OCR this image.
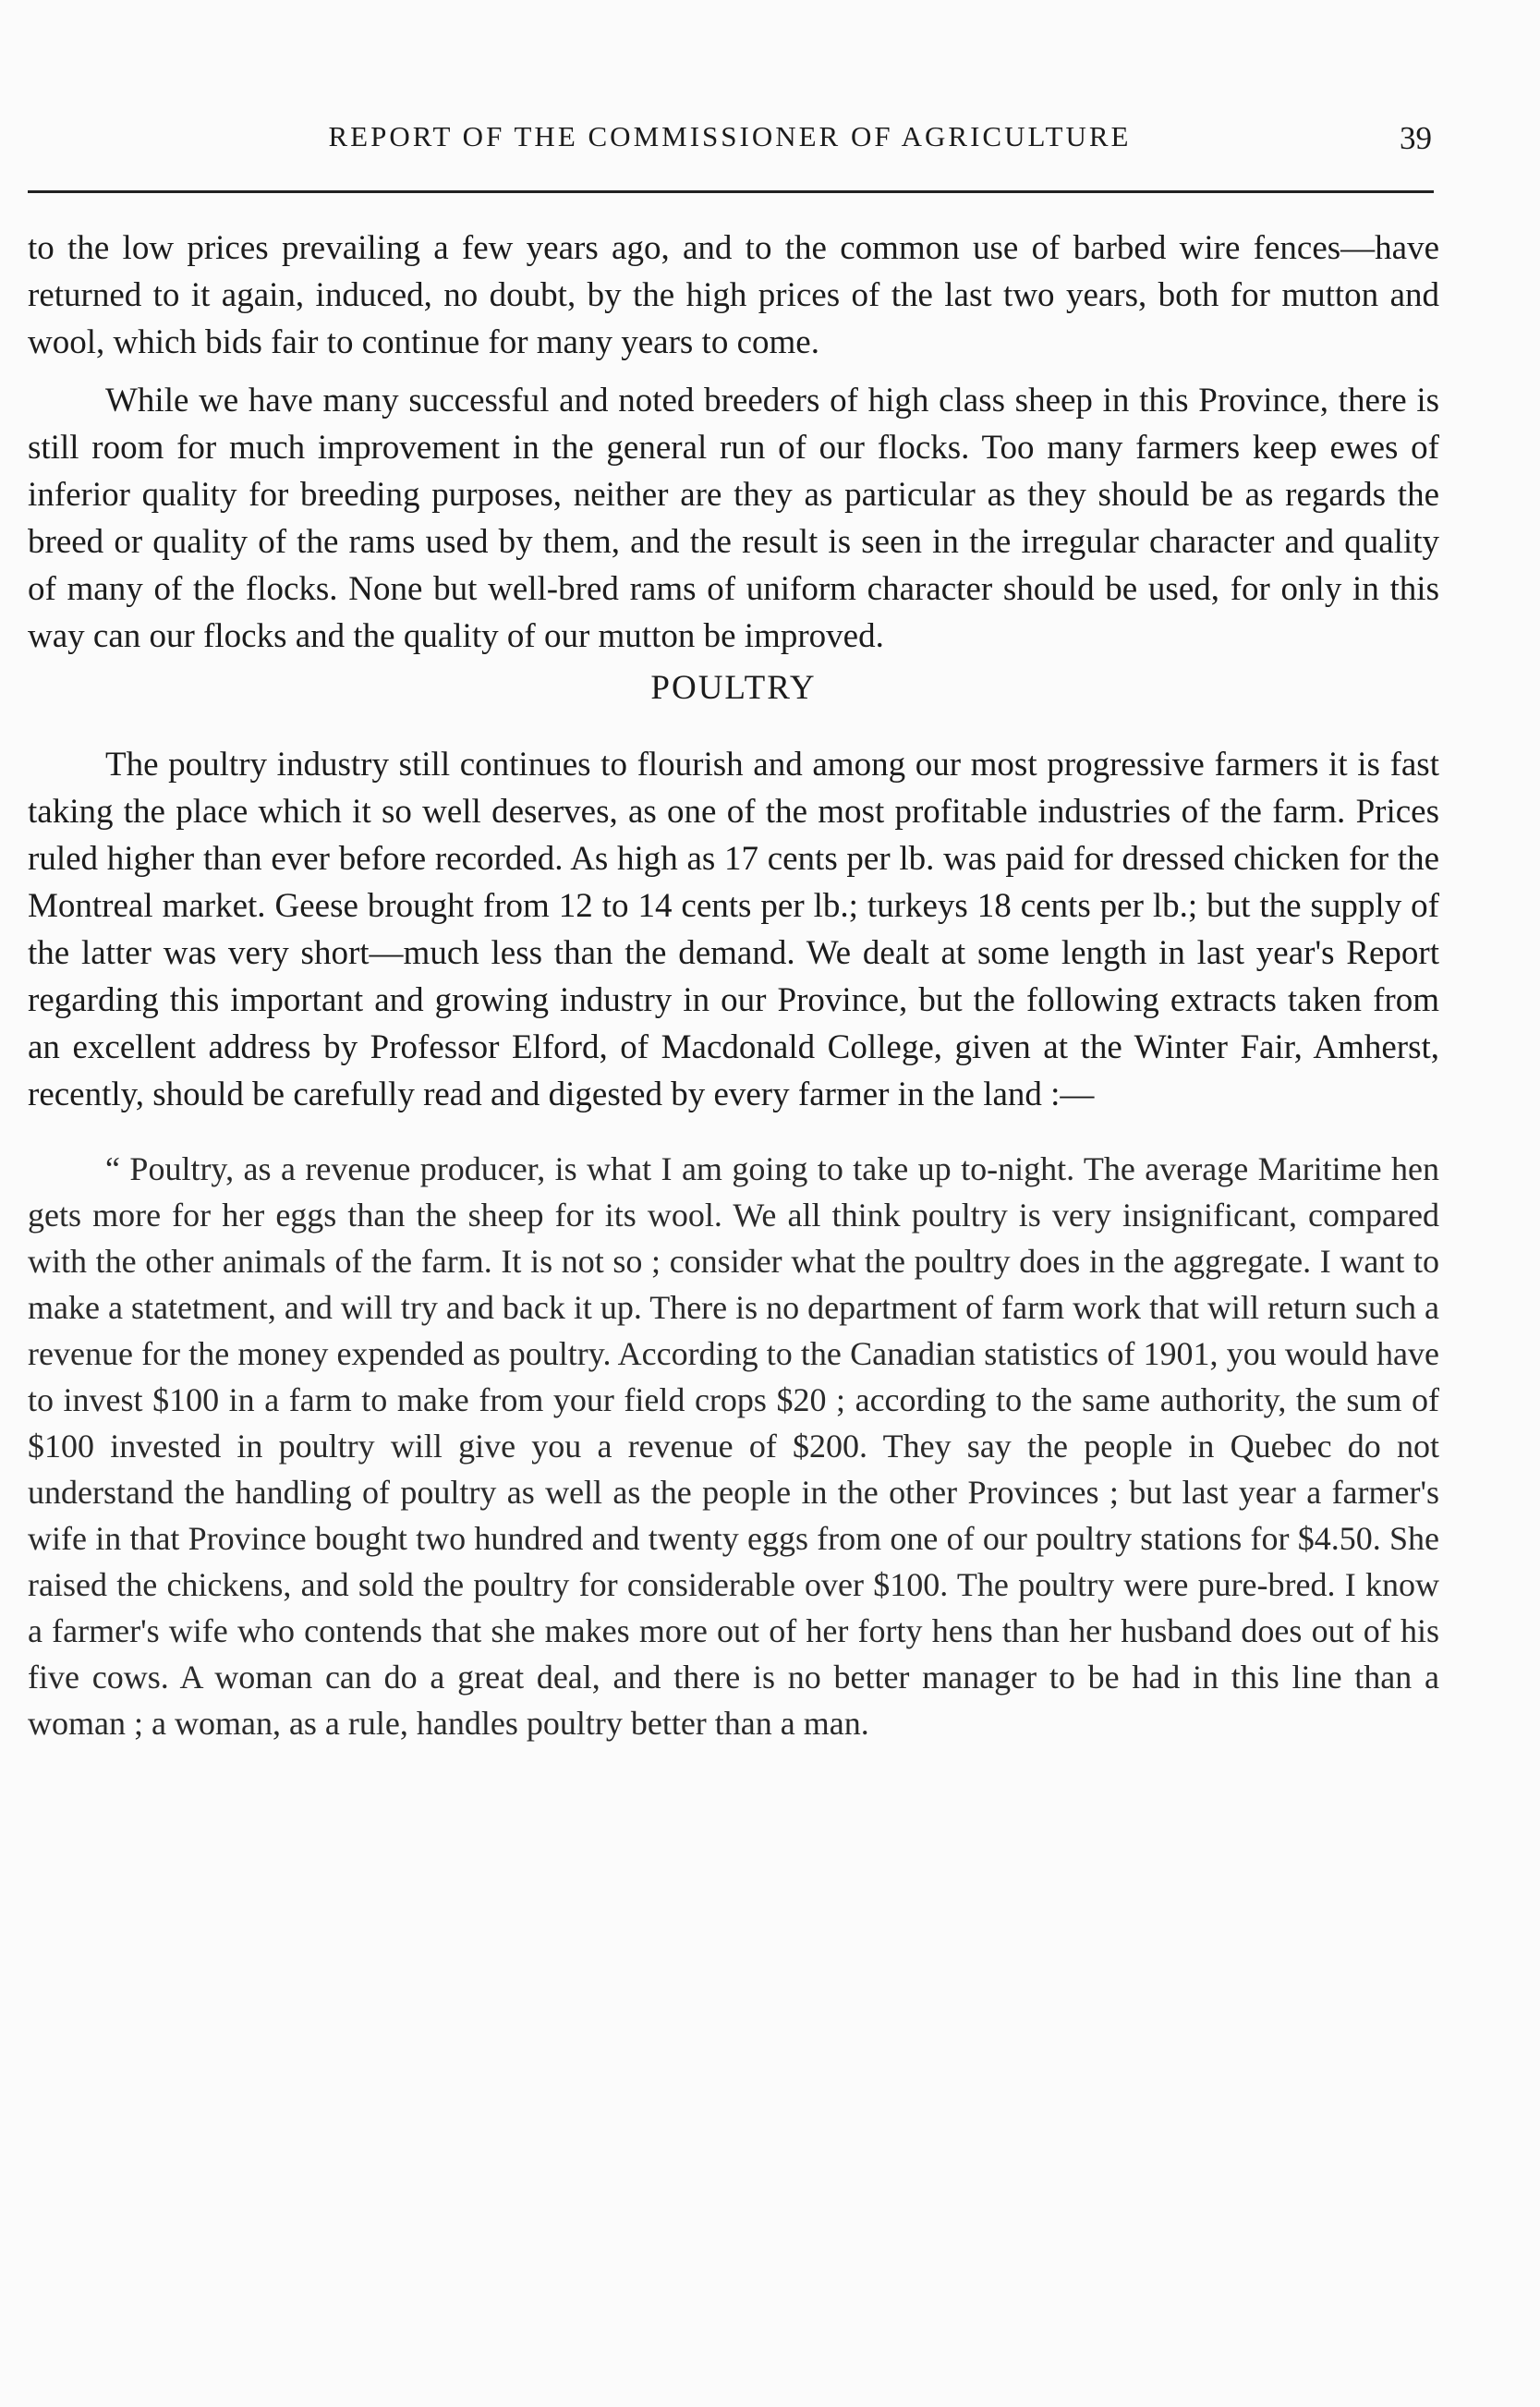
REPORT OF THE COMMISSIONER OF AGRICULTURE	39

to the low prices prevailing a few years ago, and to the common use of barbed wire fences—have returned to it again, induced, no doubt, by the high prices of the last two years, both for mutton and wool, which bids fair to continue for many years to come.

While we have many successful and noted breeders of high class sheep in this Province, there is still room for much improvement in the general run of our flocks. Too many farmers keep ewes of inferior quality for breeding purposes, neither are they as particular as they should be as regards the breed or quality of the rams used by them, and the result is seen in the irregular character and quality of many of the flocks. None but well-bred rams of uniform character should be used, for only in this way can our flocks and the quality of our mutton be improved.

POULTRY

The poultry industry still continues to flourish and among our most progressive farmers it is fast taking the place which it so well deserves, as one of the most profitable industries of the farm. Prices ruled higher than ever before recorded. As high as 17 cents per lb. was paid for dressed chicken for the Montreal market. Geese brought from 12 to 14 cents per lb.; turkeys 18 cents per lb.; but the supply of the latter was very short—much less than the demand. We dealt at some length in last year's Report regarding this important and growing industry in our Province, but the following extracts taken from an excellent address by Professor Elford, of Macdonald College, given at the Winter Fair, Amherst, recently, should be carefully read and digested by every farmer in the land :—

“ Poultry, as a revenue producer, is what I am going to take up to-night. The average Maritime hen gets more for her eggs than the sheep for its wool. We all think poultry is very insignificant, compared with the other animals of the farm. It is not so ; consider what the poultry does in the aggregate. I want to make a statetment, and will try and back it up. There is no department of farm work that will return such a revenue for the money expended as poultry. According to the Canadian statistics of 1901, you would have to invest $100 in a farm to make from your field crops $20 ; according to the same authority, the sum of $100 invested in poultry will give you a revenue of $200. They say the people in Quebec do not understand the handling of poultry as well as the people in the other Provinces ; but last year a farmer's wife in that Province bought two hundred and twenty eggs from one of our poultry stations for $4.50. She raised the chickens, and sold the poultry for considerable over $100. The poultry were pure-bred. I know a farmer's wife who contends that she makes more out of her forty hens than her husband does out of his five cows. A woman can do a great deal, and there is no better manager to be had in this line than a woman ; a woman, as a rule, handles poultry better than a man.
